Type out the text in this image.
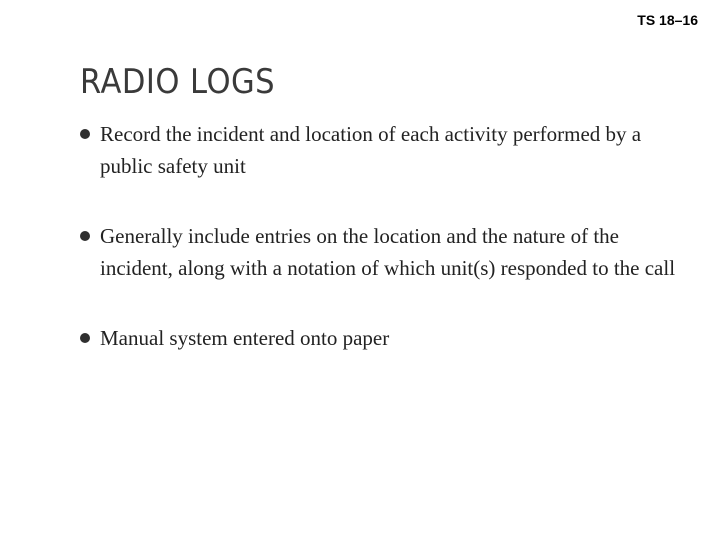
TS 18–16
RADIO LOGS
Record the incident and location of each activity performed by a public safety unit
Generally include entries on the location and the nature of the incident, along with a notation of which unit(s) responded to the call
Manual system entered onto paper
